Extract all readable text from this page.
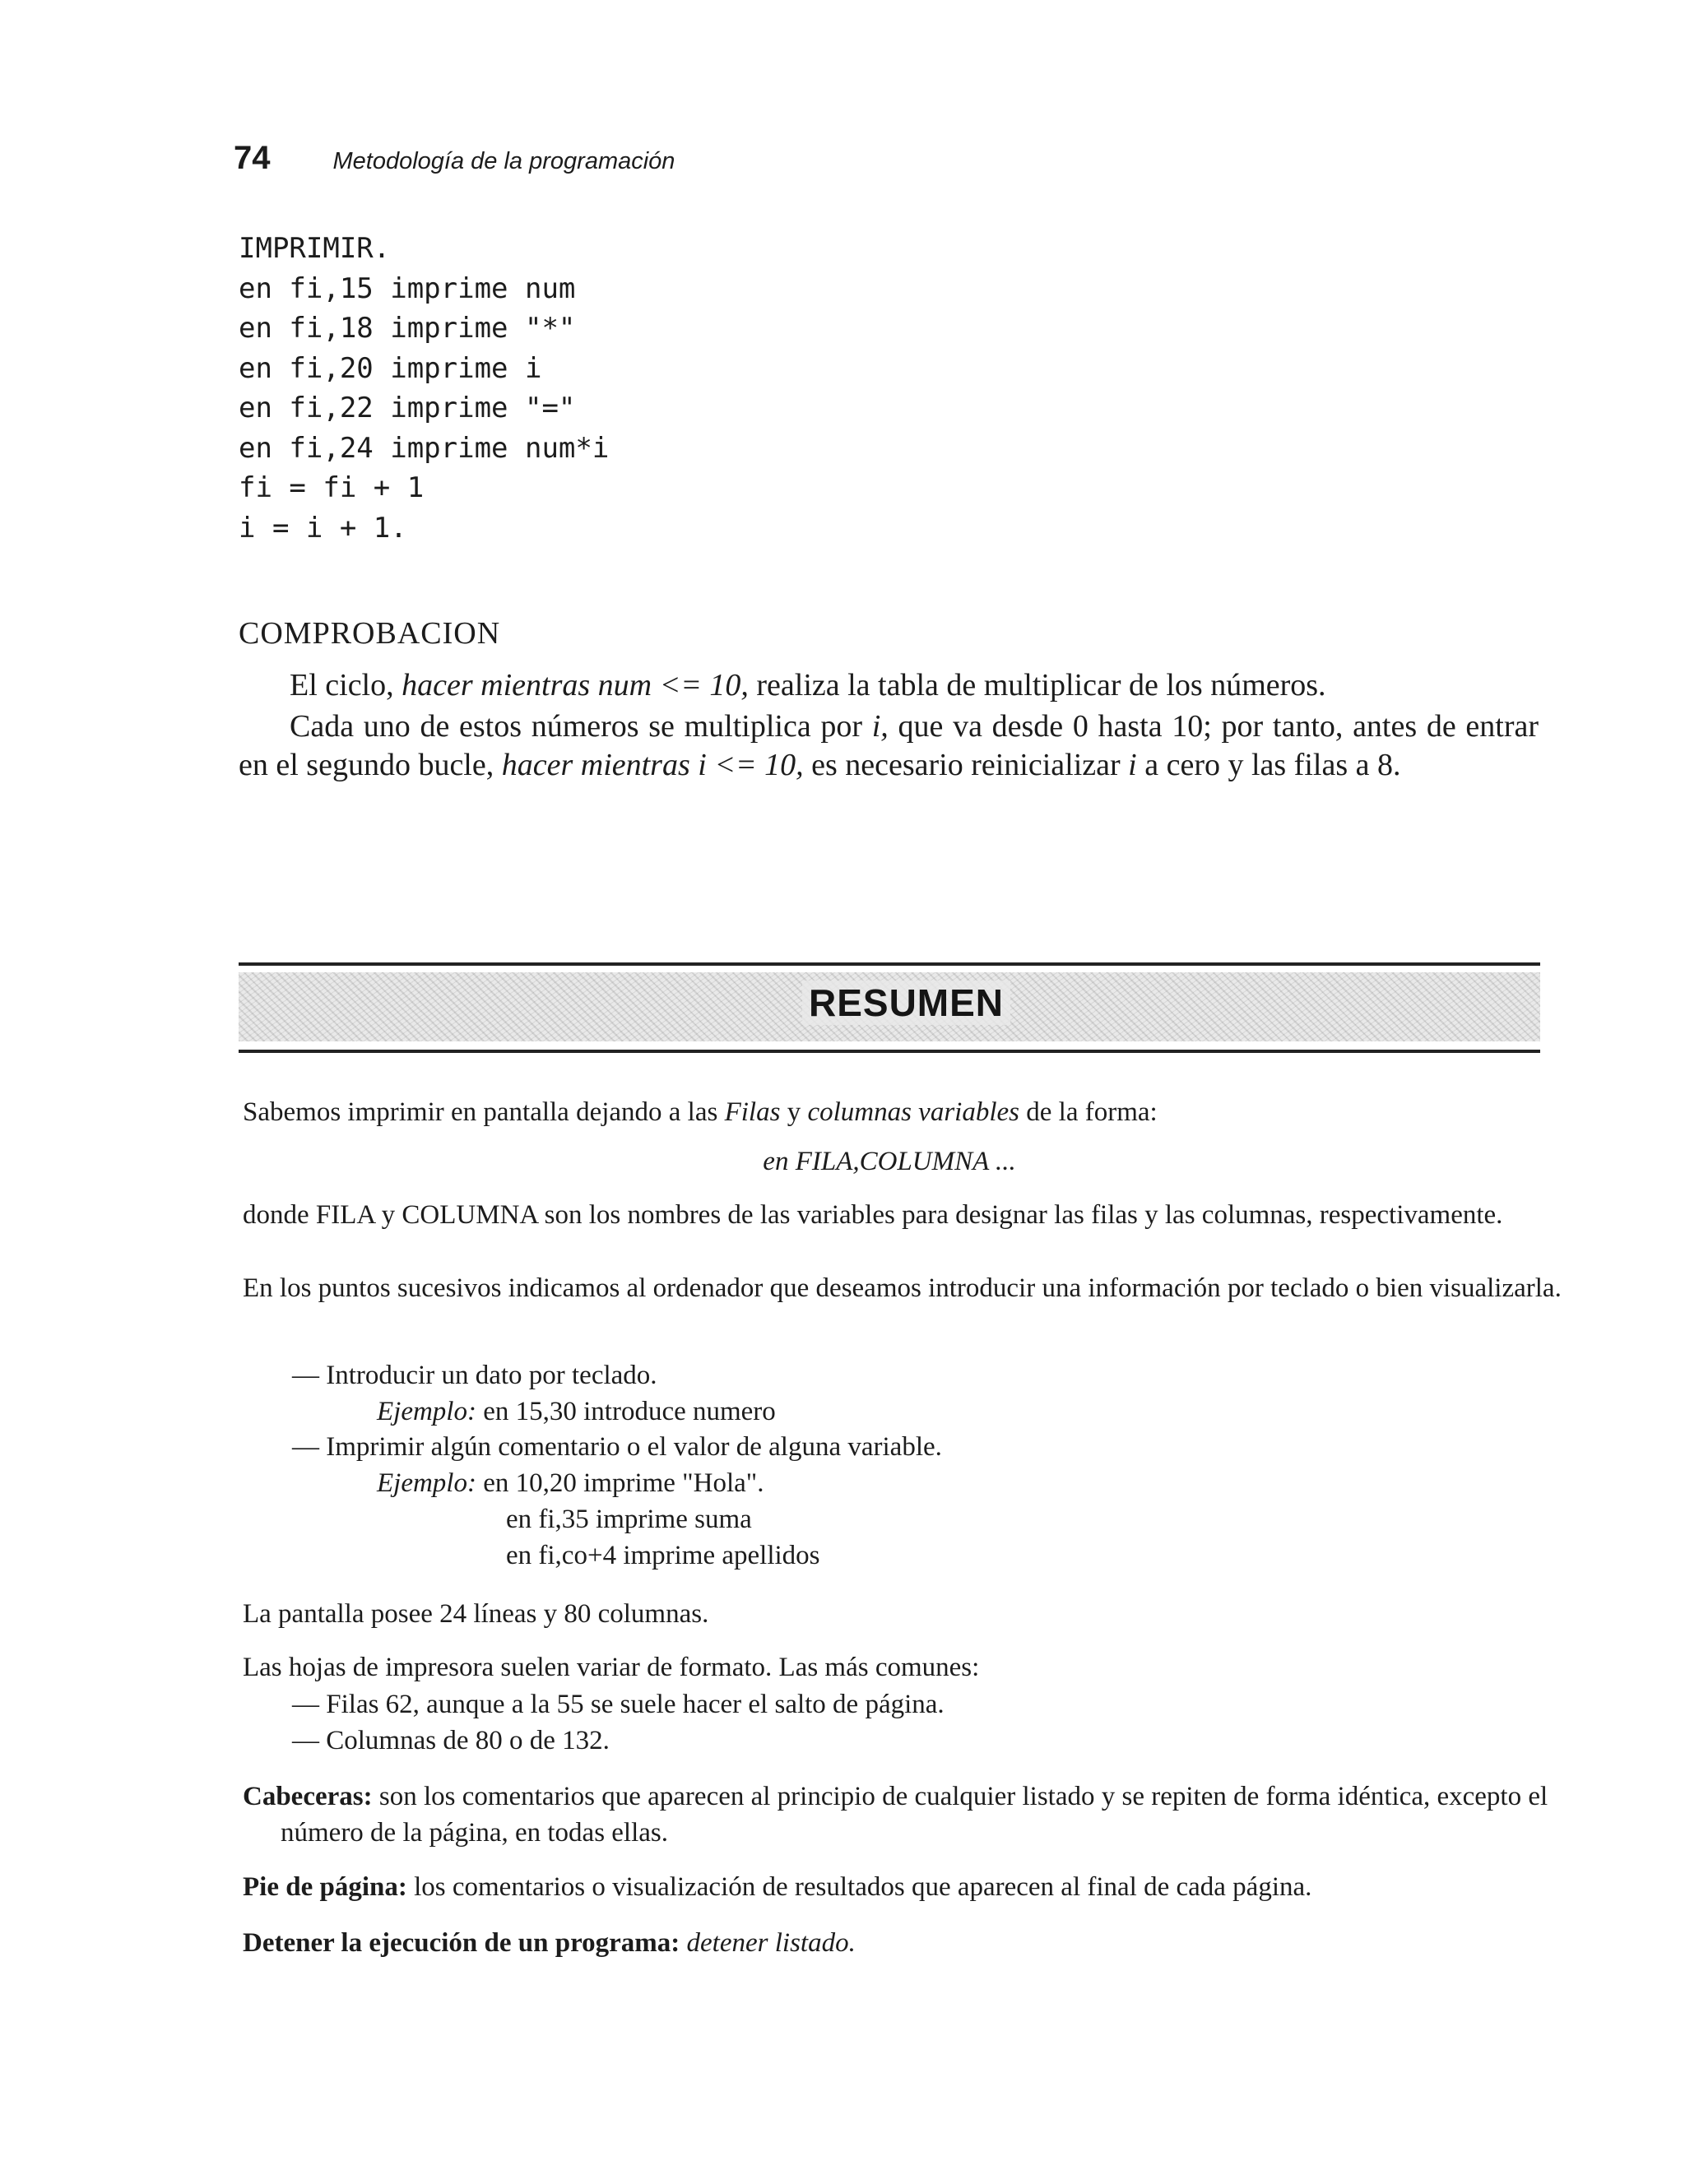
74	Metodología de la programación
IMPRIMIR.
en fi,15 imprime num
en fi,18 imprime "*"
en fi,20 imprime i
en fi,22 imprime "="
en fi,24 imprime num*i
fi = fi + 1
i = i + 1.
COMPROBACION
El ciclo, hacer mientras num <= 10, realiza la tabla de multiplicar de los números.
Cada uno de estos números se multiplica por i, que va desde 0 hasta 10; por tanto, antes de entrar en el segundo bucle, hacer mientras i <= 10, es necesario reinicializar i a cero y las filas a 8.
RESUMEN
Sabemos imprimir en pantalla dejando a las Filas y columnas variables de la forma:
en FILA,COLUMNA ...
donde FILA y COLUMNA son los nombres de las variables para designar las filas y las columnas, respectivamente.
En los puntos sucesivos indicamos al ordenador que deseamos introducir una información por teclado o bien visualizarla.
— Introducir un dato por teclado.
Ejemplo: en 15,30 introduce numero
— Imprimir algún comentario o el valor de alguna variable.
Ejemplo: en 10,20 imprime "Hola".
en fi,35 imprime suma
en fi,co+4 imprime apellidos
La pantalla posee 24 líneas y 80 columnas.
Las hojas de impresora suelen variar de formato. Las más comunes:
— Filas 62, aunque a la 55 se suele hacer el salto de página.
— Columnas de 80 o de 132.
Cabeceras: son los comentarios que aparecen al principio de cualquier listado y se repiten de forma idéntica, excepto el número de la página, en todas ellas.
Pie de página: los comentarios o visualización de resultados que aparecen al final de cada página.
Detener la ejecución de un programa: detener listado.
